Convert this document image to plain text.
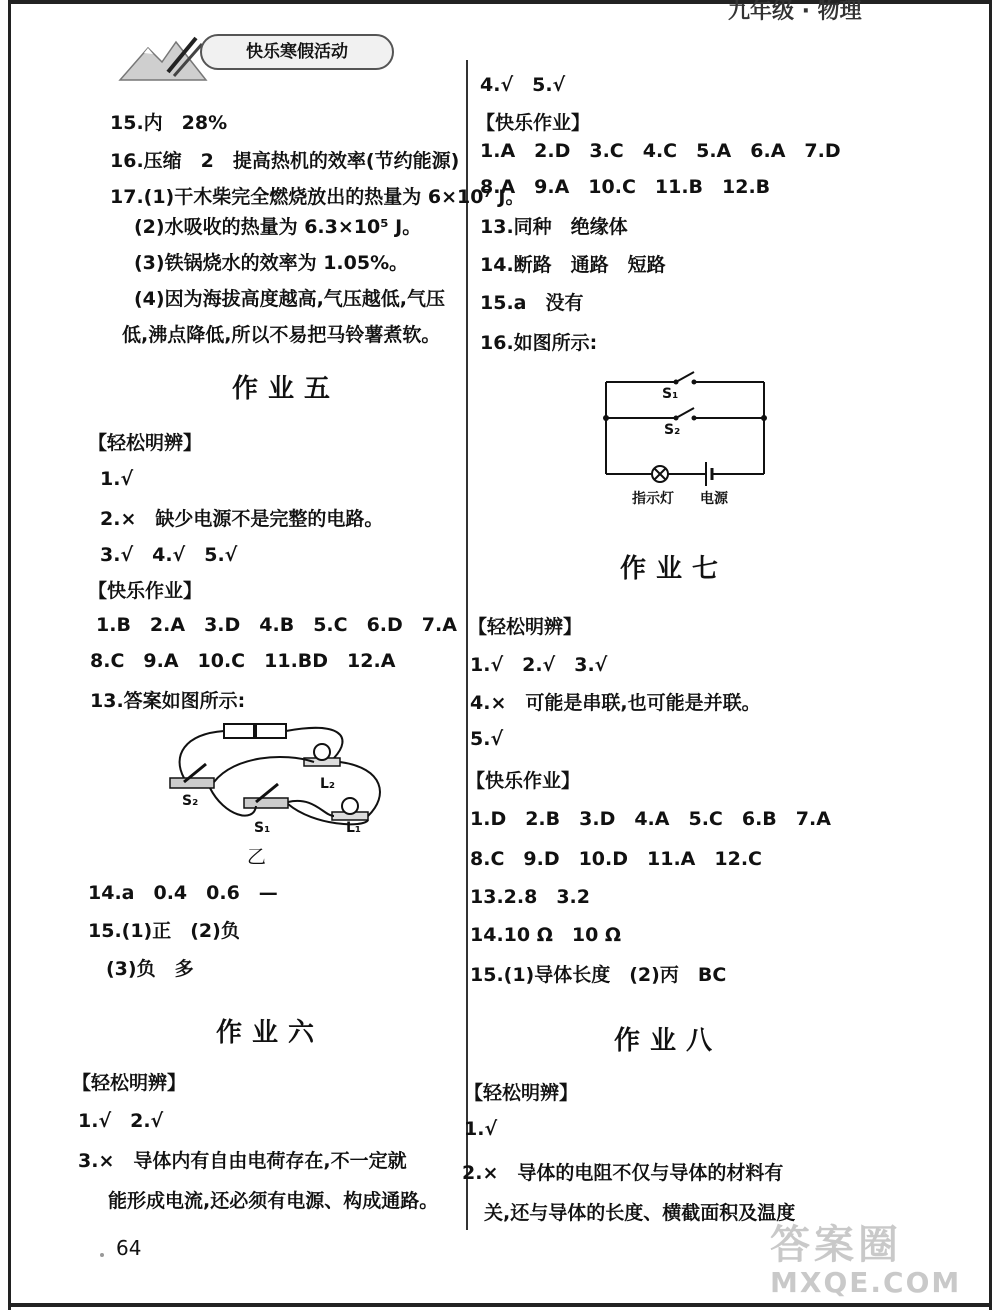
快乐寒假活动
九年级 · 物理
15.内　28%
16.压缩　2　提高热机的效率(节约能源)
17.(1)干木柴完全燃烧放出的热量为 6×10⁷ J。
(2)水吸收的热量为 6.3×10⁵ J。
(3)铁锅烧水的效率为 1.05%。
(4)因为海拔高度越高,气压越低,气压
低,沸点降低,所以不易把马铃薯煮软。
作业五
【轻松明辨】
1.√
2.×　缺少电源不是完整的电路。
3.√　4.√　5.√
【快乐作业】
1.B　2.A　3.D　4.B　5.C　6.D　7.A
8.C　9.A　10.C　11.BD　12.A
13.答案如图所示:
S₂
S₁
L₂
L₁
乙
14.a　0.4　0.6　—
15.(1)正　(2)负
(3)负　多
作业六
【轻松明辨】
1.√　2.√
3.×　导体内有自由电荷存在,不一定就
能形成电流,还必须有电源、构成通路。
64
4.√　5.√
【快乐作业】
1.A　2.D　3.C　4.C　5.A　6.A　7.D
8.A　9.A　10.C　11.B　12.B
13.同种　绝缘体
14.断路　通路　短路
15.a　没有
16.如图所示:
S₁
S₂
指示灯 电源
作业七
【轻松明辨】
1.√　2.√　3.√
4.×　可能是串联,也可能是并联。
5.√
【快乐作业】
1.D　2.B　3.D　4.A　5.C　6.B　7.A
8.C　9.D　10.D　11.A　12.C
13.2.8　3.2
14.10 Ω　10 Ω
15.(1)导体长度　(2)丙　BC
作业八
【轻松明辨】
1.√
2.×　导体的电阻不仅与导体的材料有
关,还与导体的长度、横截面积及温度
答案圈
MXQE.COM
